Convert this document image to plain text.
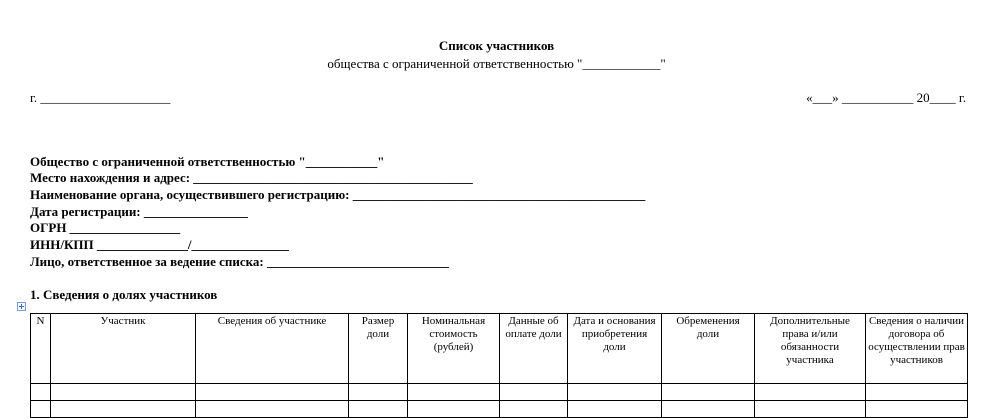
Список участников
общества с ограниченной ответственностью "____________"
г. ____________________	«___» ___________ 20____ г.
Общество с ограниченной ответственностью "___________"
Место нахождения и адрес: ___________________________________________
Наименование органа, осуществившего регистрацию: _____________________________________________
Дата регистрации: ________________
ОГРН _________________
ИНН/КПП ______________/_______________
Лицо, ответственное за ведение списка: ____________________________
1. Сведения о долях участников
N	Участник	Сведения об участнике	Размер доли	Номинальная стоимость (рублей)	Данные об оплате доли	Дата и основания приобретения доли	Обременения доли	Дополнительные права и/или обязанности участника	Сведения о наличии договора об осуществлении прав участников
